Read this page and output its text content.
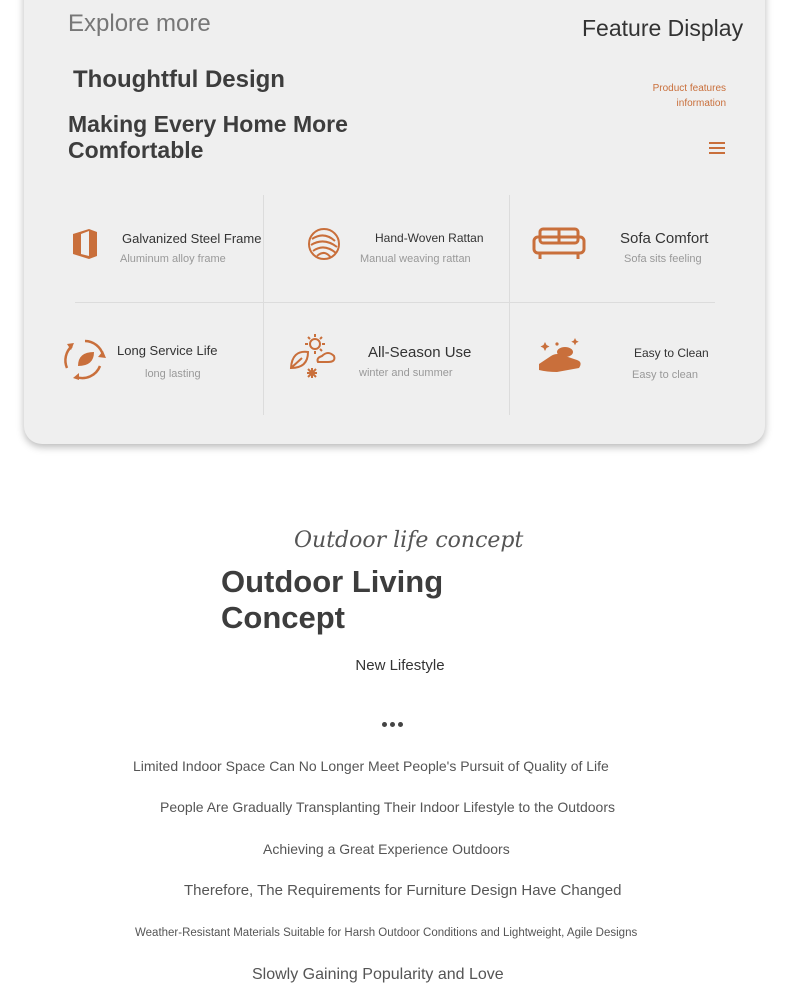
Explore more	Feature Display
Thoughtful Design
Making Every Home More Comfortable
Product features
information
Galvanized Steel Frame
Aluminum alloy frame
Hand-Woven Rattan
Manual weaving rattan
Sofa Comfort
Sofa sits feeling
Long Service Life
long lasting
All-Season Use
winter and summer
Easy to Clean
Easy to clean
Outdoor life concept
Outdoor Living Concept
New Lifestyle
Limited Indoor Space Can No Longer Meet People's Pursuit of Quality of Life
People Are Gradually Transplanting Their Indoor Lifestyle to the Outdoors
Achieving a Great Experience Outdoors
Therefore, The Requirements for Furniture Design Have Changed
Weather-Resistant Materials Suitable for Harsh Outdoor Conditions and Lightweight, Agile Designs
Slowly Gaining Popularity and Love
